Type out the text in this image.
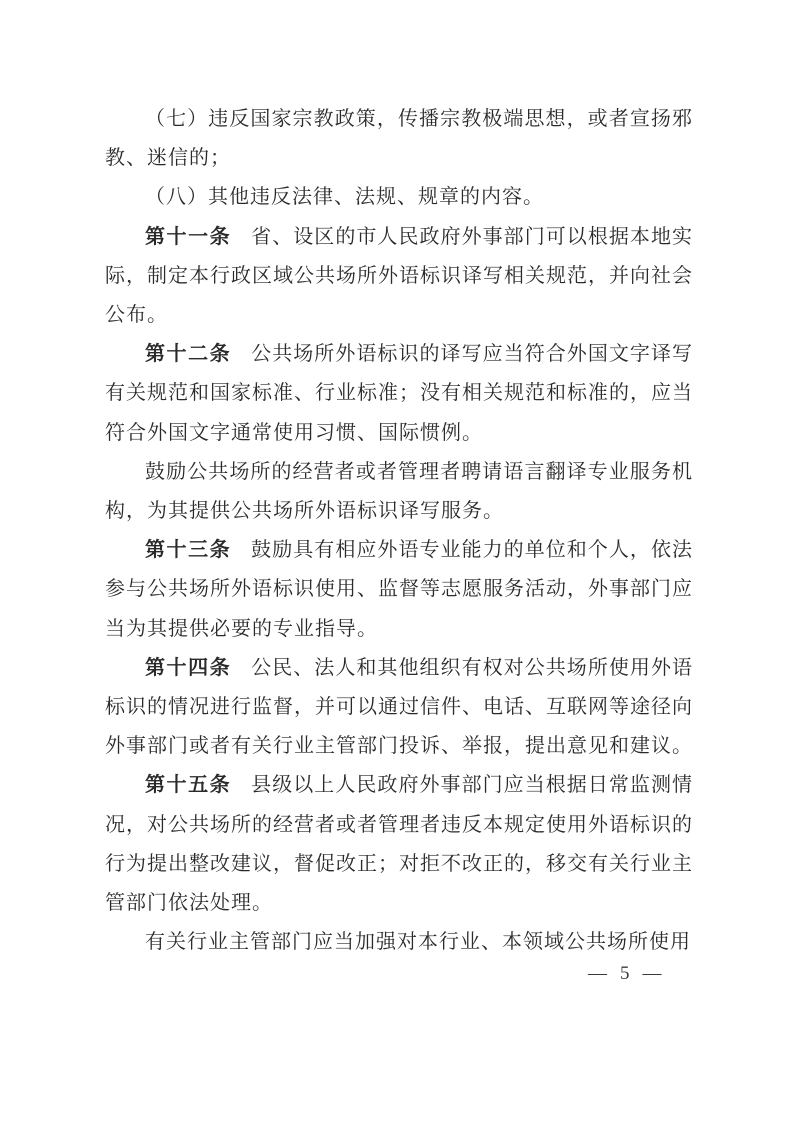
（七）违反国家宗教政策，传播宗教极端思想，或者宣扬邪教、迷信的；

（八）其他违反法律、法规、规章的内容。

第十一条 省、设区的市人民政府外事部门可以根据本地实际，制定本行政区域公共场所外语标识译写相关规范，并向社会公布。

第十二条 公共场所外语标识的译写应当符合外国文字译写有关规范和国家标准、行业标准；没有相关规范和标准的，应当符合外国文字通常使用习惯、国际惯例。

鼓励公共场所的经营者或者管理者聘请语言翻译专业服务机构，为其提供公共场所外语标识译写服务。

第十三条 鼓励具有相应外语专业能力的单位和个人，依法参与公共场所外语标识使用、监督等志愿服务活动，外事部门应当为其提供必要的专业指导。

第十四条 公民、法人和其他组织有权对公共场所使用外语标识的情况进行监督，并可以通过信件、电话、互联网等途径向外事部门或者有关行业主管部门投诉、举报，提出意见和建议。

第十五条 县级以上人民政府外事部门应当根据日常监测情况，对公共场所的经营者或者管理者违反本规定使用外语标识的行为提出整改建议，督促改正；对拒不改正的，移交有关行业主管部门依法处理。

有关行业主管部门应当加强对本行业、本领域公共场所使用

— 5 —
